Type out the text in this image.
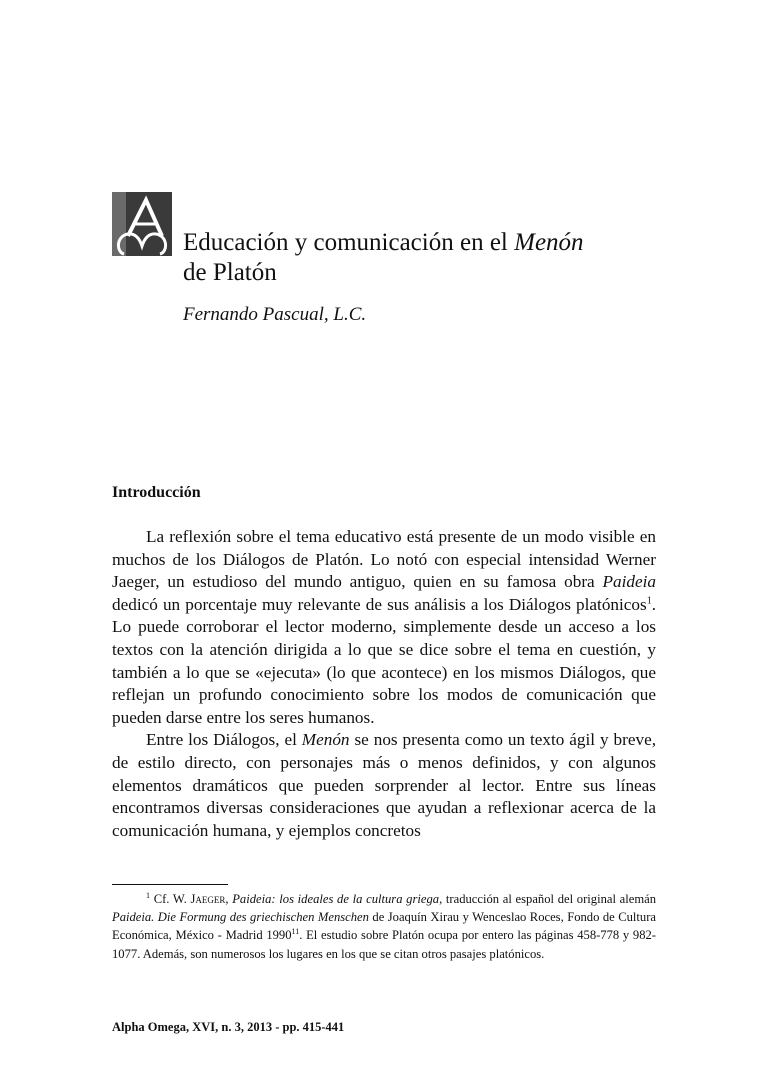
Educación y comunicación en el Menón
de Platón
Fernando Pascual, L.C.
Introducción

La reflexión sobre el tema educativo está presente de un modo visible en muchos de los Diálogos de Platón. Lo notó con especial intensidad Werner Jaeger, un estudioso del mundo antiguo, quien en su famosa obra Paideia dedicó un porcentaje muy relevante de sus análisis a los Diálogos platónicos$^1$. Lo puede corroborar el lector moderno, simplemente desde un acceso a los textos con la atención dirigida a lo que se dice sobre el tema en cuestión, y también a lo que se «ejecuta» (lo que acontece) en los mismos Diálogos, que reflejan un profundo conocimiento sobre los modos de comunicación que pueden darse entre los seres humanos.

Entre los Diálogos, el Menón se nos presenta como un texto ágil y breve, de estilo directo, con personajes más o menos definidos, y con algunos elementos dramáticos que pueden sorprender al lector. Entre sus líneas encontramos diversas consideraciones que ayudan a reflexionar acerca de la comunicación humana, y ejemplos concretos

$^1$ Cf. W. Jaeger, Paideia: los ideales de la cultura griega, traducción al español del original alemán Paideia. Die Formung des griechischen Menschen de Joaquín Xirau y Wenceslao Roces, Fondo de Cultura Económica, México - Madrid 1990$^{11}$. El estudio sobre Platón ocupa por entero las páginas 458-778 y 982-1077. Además, son numerosos los lugares en los que se citan otros pasajes platónicos.

Alpha Omega, XVI, n. 3, 2013 - pp. 415-441
